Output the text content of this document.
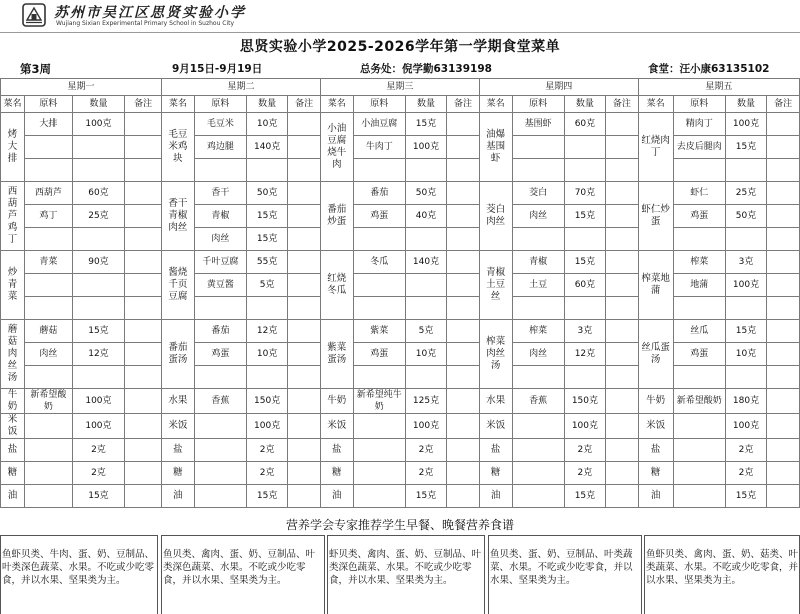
苏州市吴江区思贤实验小学
Wujiang Sixian Experimental Primary School in Suzhou City
思贤实验小学2025-2026学年第一学期食堂菜单
第3周	9月15日-9月19日	总务处：倪学勤63139198	食堂：汪小康63135102
星期一				星期二				星期三				星期四				星期五			
菜名	原料	数量	备注	菜名	原料	数量	备注	菜名	原料	数量	备注	菜名	原料	数量	备注	菜名	原料	数量	备注
烤大排	大排	100克		毛豆米鸡块	毛豆米	10克		小油豆腐烧牛肉	小油豆腐	15克		油爆基围虾	基围虾	60克		红烧肉丁	精肉丁	100克	
					鸡边腿	140克			牛肉丁	100克							去皮后腿肉	15克	

西葫芦鸡丁	西葫芦	60克		香干青椒肉丝	香干	50克		番茄炒蛋	番茄	50克		茭白肉丝	茭白	70克		虾仁炒蛋	虾仁	25克	
	鸡丁	25克			青椒	15克			鸡蛋	40克			肉丝	15克			鸡蛋	50克	
					肉丝	15克													
炒青菜	青菜	90克		酱烧千页豆腐	千叶豆腐	55克		红烧冬瓜	冬瓜	140克		青椒土豆丝	青椒	15克		榨菜地蒲	榨菜	3克	
					黄豆酱	5克							土豆	60克			地蒲	100克	

蘑菇肉丝汤	蘑菇	15克		番茄蛋汤	番茄	12克		紫菜蛋汤	紫菜	5克		榨菜肉丝汤	榨菜	3克		丝瓜蛋汤	丝瓜	15克	
	肉丝	12克			鸡蛋	10克			鸡蛋	10克			肉丝	12克			鸡蛋	10克	

牛奶	新希望酸奶	100克		水果	香蕉	150克		牛奶	新希望纯牛奶	125克		水果	香蕉	150克		牛奶	新希望酸奶	180克	
米饭		100克		米饭		100克		米饭		100克		米饭		100克		米饭		100克	
盐		2克		盐		2克		盐		2克		盐		2克		盐		2克	
糖		2克		糖		2克		糖		2克		糖		2克		糖		2克	
油		15克		油		15克		油		15克		油		15克		油		15克	
营养学会专家推荐学生早餐、晚餐营养食谱
鱼虾贝类、牛肉、蛋、奶、豆制品、叶类深色蔬菜、水果。不吃或少吃零食，并以水果、坚果类为主。
鱼贝类、禽肉、蛋、奶、豆制品、叶类深色蔬菜、水果。不吃或少吃零食，并以水果、坚果类为主。
虾贝类、禽肉、蛋、奶、豆制品、叶类深色蔬菜、水果。不吃或少吃零食，并以水果、坚果类为主。
鱼贝类、蛋、奶、豆制品、叶类蔬菜、水果。不吃或少吃零食，并以水果、坚果类为主。
鱼虾贝类、禽肉、蛋、奶、菇类、叶类蔬菜、水果。不吃或少吃零食，并以水果、坚果类为主。
